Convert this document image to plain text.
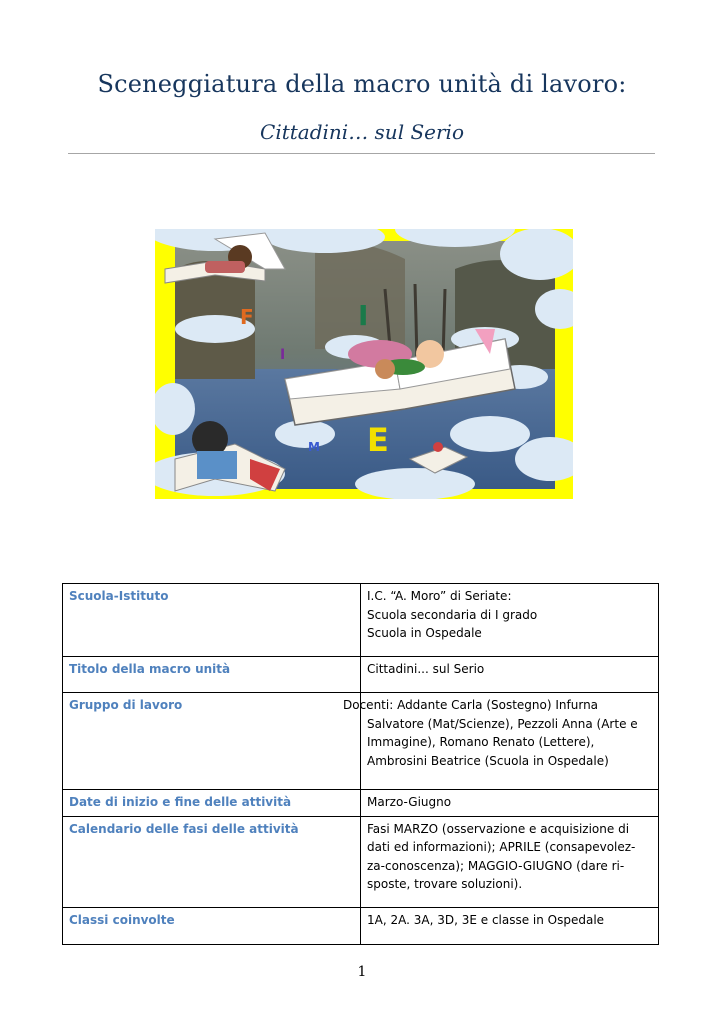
Sceneggiatura della macro unità di lavoro:
Cittadini… sul Serio
F	I
I
E
M
Scuola-Istituto	I.C. “A. Moro” di Seriate:
Scuola secondaria di I grado
Scuola in Ospedale

Titolo della macro unità	Cittadini... sul Serio
Gruppo di lavoro	Docenti: Addante Carla (Sostegno) Infurna Salvatore (Mat/Scienze), Pezzoli Anna (Arte e Immagine), Romano Renato (Lettere), Ambrosini Beatrice (Scuola in Ospedale)
Date di inizio e fine delle attività	Marzo-Giugno
Calendario delle fasi delle attività	Fasi MARZO (osservazione e acquisizione di dati ed informazioni); APRILE (consapevolez-za-conoscenza); MAGGIO-GIUGNO (dare ri-sposte, trovare soluzioni).
Classi coinvolte	1A, 2A. 3A, 3D, 3E e classe in Ospedale
1
